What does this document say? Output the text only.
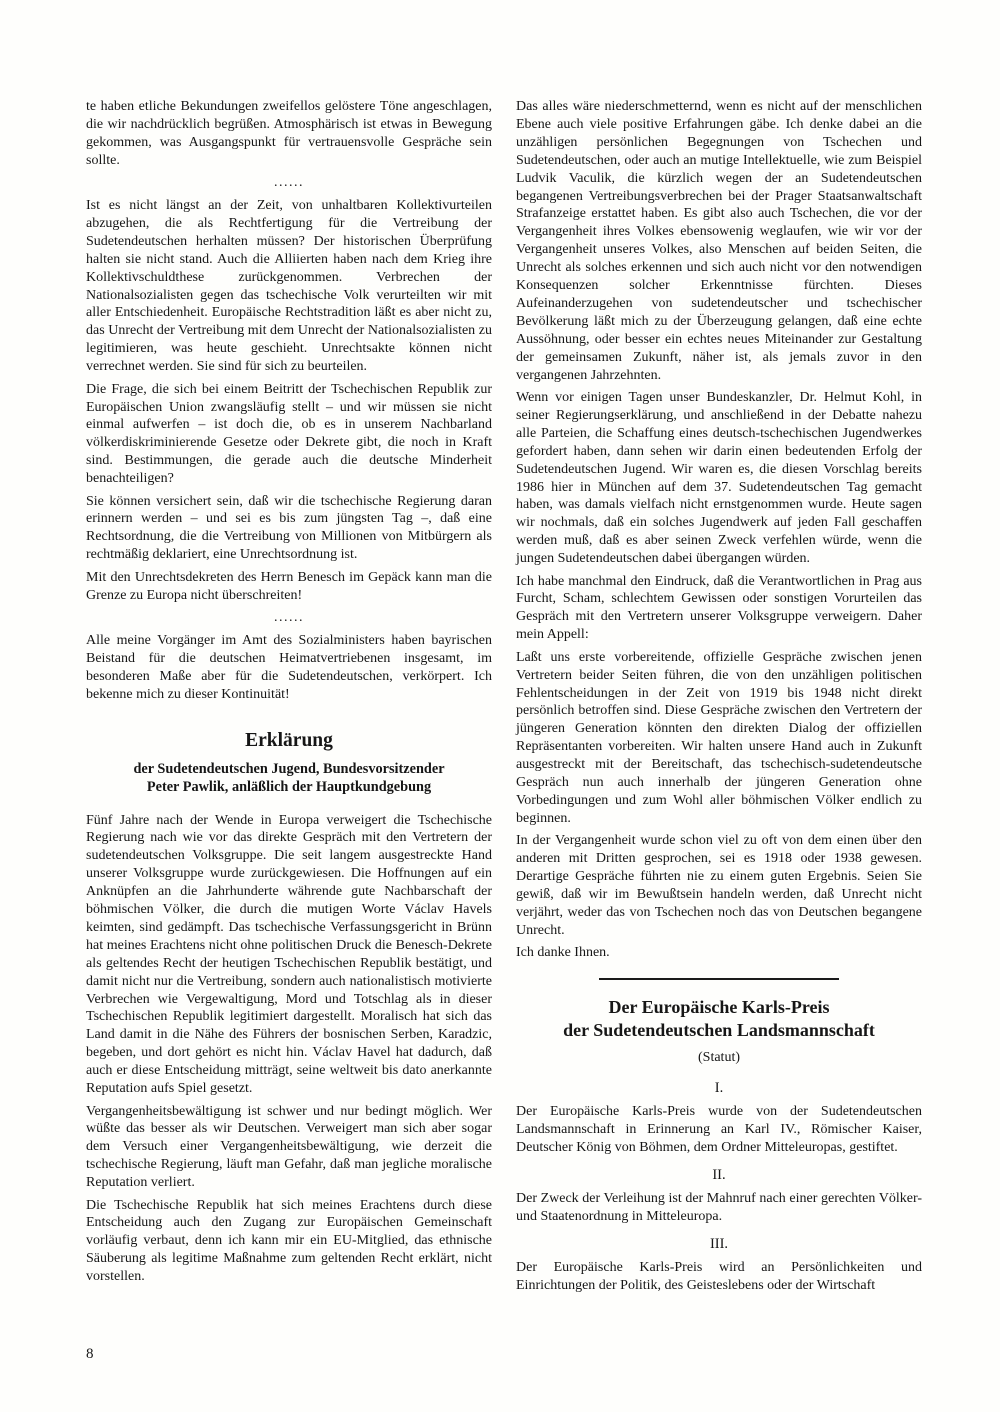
te haben etliche Bekundungen zweifellos gelöstere Töne angeschlagen, die wir nachdrücklich begrüßen. Atmosphärisch ist etwas in Bewegung gekommen, was Ausgangspunkt für vertrauensvolle Gespräche sein sollte.

......

Ist es nicht längst an der Zeit, von unhaltbaren Kollektivurteilen abzugehen, die als Rechtfertigung für die Vertreibung der Sudetendeutschen herhalten müssen? Der historischen Überprüfung halten sie nicht stand. Auch die Alliierten haben nach dem Krieg ihre Kollektivschuldthese zurückgenommen. Verbrechen der Nationalsozialisten gegen das tschechische Volk verurteilten wir mit aller Entschiedenheit. Europäische Rechtstradition läßt es aber nicht zu, das Unrecht der Vertreibung mit dem Unrecht der Nationalsozialisten zu legitimieren, was heute geschieht. Unrechtsakte können nicht verrechnet werden. Sie sind für sich zu beurteilen.

Die Frage, die sich bei einem Beitritt der Tschechischen Republik zur Europäischen Union zwangsläufig stellt – und wir müssen sie nicht einmal aufwerfen – ist doch die, ob es in unserem Nachbarland völkerdiskriminierende Gesetze oder Dekrete gibt, die noch in Kraft sind. Bestimmungen, die gerade auch die deutsche Minderheit benachteiligen?

Sie können versichert sein, daß wir die tschechische Regierung daran erinnern werden – und sei es bis zum jüngsten Tag –, daß eine Rechtsordnung, die die Vertreibung von Millionen von Mitbürgern als rechtmäßig deklariert, eine Unrechtsordnung ist.

Mit den Unrechtsdekreten des Herrn Benesch im Gepäck kann man die Grenze zu Europa nicht überschreiten!

......

Alle meine Vorgänger im Amt des Sozialministers haben bayrischen Beistand für die deutschen Heimatvertriebenen insgesamt, im besonderen Maße aber für die Sudetendeutschen, verkörpert. Ich bekenne mich zu dieser Kontinuität!

Erklärung
der Sudetendeutschen Jugend, Bundesvorsitzender
Peter Pawlik, anläßlich der Hauptkundgebung

Fünf Jahre nach der Wende in Europa verweigert die Tschechische Regierung nach wie vor das direkte Gespräch mit den Vertretern der sudetendeutschen Volksgruppe. Die seit langem ausgestreckte Hand unserer Volksgruppe wurde zurückgewiesen. Die Hoffnungen auf ein Anknüpfen an die Jahrhunderte währende gute Nachbarschaft der böhmischen Völker, die durch die mutigen Worte Václav Havels keimten, sind gedämpft. Das tschechische Verfassungsgericht in Brünn hat meines Erachtens nicht ohne politischen Druck die Benesch-Dekrete als geltendes Recht der heutigen Tschechischen Republik bestätigt, und damit nicht nur die Vertreibung, sondern auch nationalistisch motivierte Verbrechen wie Vergewaltigung, Mord und Totschlag als in dieser Tschechischen Republik legitimiert dargestellt. Moralisch hat sich das Land damit in die Nähe des Führers der bosnischen Serben, Karadzic, begeben, und dort gehört es nicht hin. Václav Havel hat dadurch, daß auch er diese Entscheidung mitträgt, seine weltweit bis dato anerkannte Reputation aufs Spiel gesetzt.

Vergangenheitsbewältigung ist schwer und nur bedingt möglich. Wer wüßte das besser als wir Deutschen. Verweigert man sich aber sogar dem Versuch einer Vergangenheitsbewältigung, wie derzeit die tschechische Regierung, läuft man Gefahr, daß man jegliche moralische Reputation verliert.

Die Tschechische Republik hat sich meines Erachtens durch diese Entscheidung auch den Zugang zur Europäischen Gemeinschaft vorläufig verbaut, denn ich kann mir ein EU-Mitglied, das ethnische Säuberung als legitime Maßnahme zum geltenden Recht erklärt, nicht vorstellen.

Das alles wäre niederschmetternd, wenn es nicht auf der menschlichen Ebene auch viele positive Erfahrungen gäbe. Ich denke dabei an die unzähligen persönlichen Begegnungen von Tschechen und Sudetendeutschen, oder auch an mutige Intellektuelle, wie zum Beispiel Ludvik Vaculik, die kürzlich wegen der an Sudetendeutschen begangenen Vertreibungsverbrechen bei der Prager Staatsanwaltschaft Strafanzeige erstattet haben. Es gibt also auch Tschechen, die vor der Vergangenheit ihres Volkes ebensowenig weglaufen, wie wir vor der Vergangenheit unseres Volkes, also Menschen auf beiden Seiten, die Unrecht als solches erkennen und sich auch nicht vor den notwendigen Konsequenzen solcher Erkenntnisse fürchten. Dieses Aufeinanderzugehen von sudetendeutscher und tschechischer Bevölkerung läßt mich zu der Überzeugung gelangen, daß eine echte Aussöhnung, oder besser ein echtes neues Miteinander zur Gestaltung der gemeinsamen Zukunft, näher ist, als jemals zuvor in den vergangenen Jahrzehnten.

Wenn vor einigen Tagen unser Bundeskanzler, Dr. Helmut Kohl, in seiner Regierungserklärung, und anschließend in der Debatte nahezu alle Parteien, die Schaffung eines deutsch-tschechischen Jugendwerkes gefordert haben, dann sehen wir darin einen bedeutenden Erfolg der Sudetendeutschen Jugend. Wir waren es, die diesen Vorschlag bereits 1986 hier in München auf dem 37. Sudetendeutschen Tag gemacht haben, was damals vielfach nicht ernstgenommen wurde. Heute sagen wir nochmals, daß ein solches Jugendwerk auf jeden Fall geschaffen werden muß, daß es aber seinen Zweck verfehlen würde, wenn die jungen Sudetendeutschen dabei übergangen würden.

Ich habe manchmal den Eindruck, daß die Verantwortlichen in Prag aus Furcht, Scham, schlechtem Gewissen oder sonstigen Vorurteilen das Gespräch mit den Vertretern unserer Volksgruppe verweigern. Daher mein Appell:

Laßt uns erste vorbereitende, offizielle Gespräche zwischen jenen Vertretern beider Seiten führen, die von den unzähligen politischen Fehlentscheidungen in der Zeit von 1919 bis 1948 nicht direkt persönlich betroffen sind. Diese Gespräche zwischen den Vertretern der jüngeren Generation könnten den direkten Dialog der offiziellen Repräsentanten vorbereiten. Wir halten unsere Hand auch in Zukunft ausgestreckt mit der Bereitschaft, das tschechisch-sudetendeutsche Gespräch nun auch innerhalb der jüngeren Generation ohne Vorbedingungen und zum Wohl aller böhmischen Völker endlich zu beginnen.

In der Vergangenheit wurde schon viel zu oft von dem einen über den anderen mit Dritten gesprochen, sei es 1918 oder 1938 gewesen. Derartige Gespräche führten nie zu einem guten Ergebnis. Seien Sie gewiß, daß wir im Bewußtsein handeln werden, daß Unrecht nicht verjährt, weder das von Tschechen noch das von Deutschen begangene Unrecht.

Ich danke Ihnen.

Der Europäische Karls-Preis
der Sudetendeutschen Landsmannschaft
(Statut)
I.

Der Europäische Karls-Preis wurde von der Sudetendeutschen Landsmannschaft in Erinnerung an Karl IV., Römischer Kaiser, Deutscher König von Böhmen, dem Ordner Mitteleuropas, gestiftet.

II.

Der Zweck der Verleihung ist der Mahnruf nach einer gerechten Völker- und Staatenordnung in Mitteleuropa.

III.

Der Europäische Karls-Preis wird an Persönlichkeiten und Einrichtungen der Politik, des Geisteslebens oder der Wirtschaft

8
